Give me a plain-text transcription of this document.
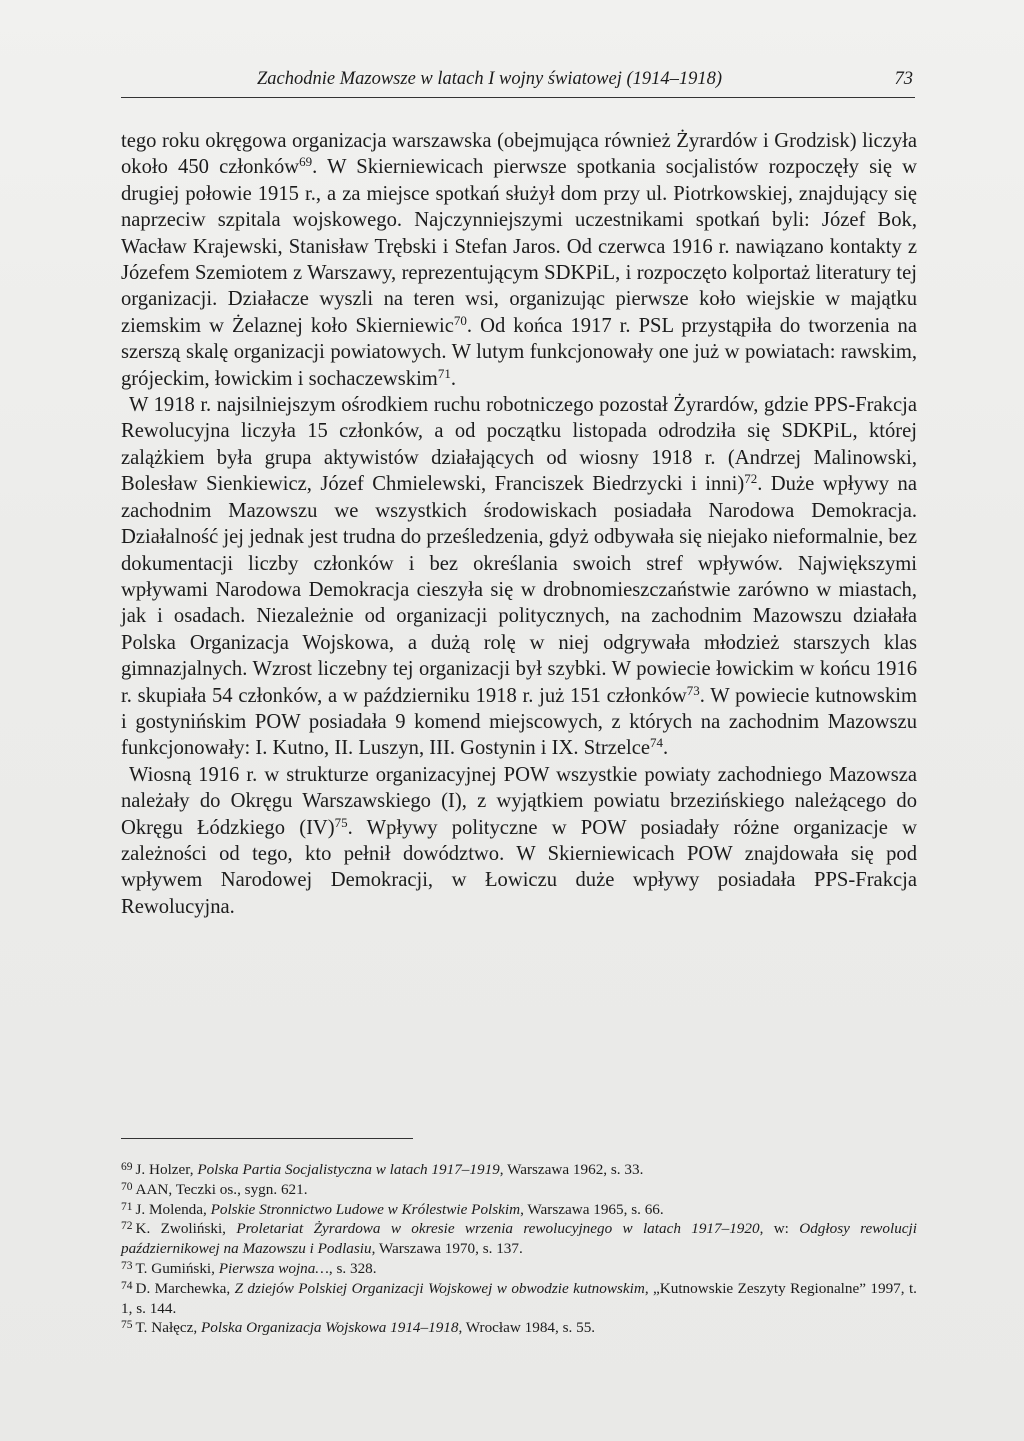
Zachodnie Mazowsze w latach I wojny światowej (1914–1918)	73

tego roku okręgowa organizacja warszawska (obejmująca również Żyrardów i Grodzisk) liczyła około 450 członków$^{69}$. W Skierniewicach pierwsze spotkania socjalistów rozpoczęły się w drugiej połowie 1915 r., a za miejsce spotkań służył dom przy ul. Piotrkowskiej, znajdujący się naprzeciw szpitala wojskowego. Najczynniejszymi uczestnikami spotkań byli: Józef Bok, Wacław Krajewski, Stanisław Trębski i Stefan Jaros. Od czerwca 1916 r. nawiązano kontakty z Józefem Szemiotem z Warszawy, reprezentującym SDKPiL, i rozpoczęto kolportaż literatury tej organizacji. Działacze wyszli na teren wsi, organizując pierwsze koło wiejskie w majątku ziemskim w Żelaznej koło Skierniewic$^{70}$. Od końca 1917 r. PSL przystąpiła do tworzenia na szerszą skalę organizacji powiatowych. W lutym funkcjonowały one już w powiatach: rawskim, grójeckim, łowickim i sochaczewskim$^{71}$.

W 1918 r. najsilniejszym ośrodkiem ruchu robotniczego pozostał Żyrardów, gdzie PPS-Frakcja Rewolucyjna liczyła 15 członków, a od początku listopada odrodziła się SDKPiL, której zalążkiem była grupa aktywistów działających od wiosny 1918 r. (Andrzej Malinowski, Bolesław Sienkiewicz, Józef Chmielewski, Franciszek Biedrzycki i inni)$^{72}$. Duże wpływy na zachodnim Mazowszu we wszystkich środowiskach posiadała Narodowa Demokracja. Działalność jej jednak jest trudna do prześledzenia, gdyż odbywała się niejako nieformalnie, bez dokumentacji liczby członków i bez określania swoich stref wpływów. Największymi wpływami Narodowa Demokracja cieszyła się w drobnomieszczaństwie zarówno w miastach, jak i osadach. Niezależnie od organizacji politycznych, na zachodnim Mazowszu działała Polska Organizacja Wojskowa, a dużą rolę w niej odgrywała młodzież starszych klas gimnazjalnych. Wzrost liczebny tej organizacji był szybki. W powiecie łowickim w końcu 1916 r. skupiała 54 członków, a w październiku 1918 r. już 151 członków$^{73}$. W powiecie kutnowskim i gostynińskim POW posiadała 9 komend miejscowych, z których na zachodnim Mazowszu funkcjonowały: I. Kutno, II. Luszyn, III. Gostynin i IX. Strzelce$^{74}$.

Wiosną 1916 r. w strukturze organizacyjnej POW wszystkie powiaty zachodniego Mazowsza należały do Okręgu Warszawskiego (I), z wyjątkiem powiatu brzezińskiego należącego do Okręgu Łódzkiego (IV)$^{75}$. Wpływy polityczne w POW posiadały różne organizacje w zależności od tego, kto pełnił dowództwo. W Skierniewicach POW znajdowała się pod wpływem Narodowej Demokracji, w Łowiczu duże wpływy posiadała PPS-Frakcja Rewolucyjna.

$^{69}$ J. Holzer, Polska Partia Socjalistyczna w latach 1917–1919, Warszawa 1962, s. 33.

$^{70}$ AAN, Teczki os., sygn. 621.

$^{71}$ J. Molenda, Polskie Stronnictwo Ludowe w Królestwie Polskim, Warszawa 1965, s. 66.

$^{72}$ K. Zwoliński, Proletariat Żyrardowa w okresie wrzenia rewolucyjnego w latach 1917–1920, w: Odgłosy rewolucji październikowej na Mazowszu i Podlasiu, Warszawa 1970, s. 137.

$^{73}$ T. Gumiński, Pierwsza wojna…, s. 328.

$^{74}$ D. Marchewka, Z dziejów Polskiej Organizacji Wojskowej w obwodzie kutnowskim, „Kutnowskie Zeszyty Regionalne” 1997, t. 1, s. 144.

$^{75}$ T. Nałęcz, Polska Organizacja Wojskowa 1914–1918, Wrocław 1984, s. 55.
